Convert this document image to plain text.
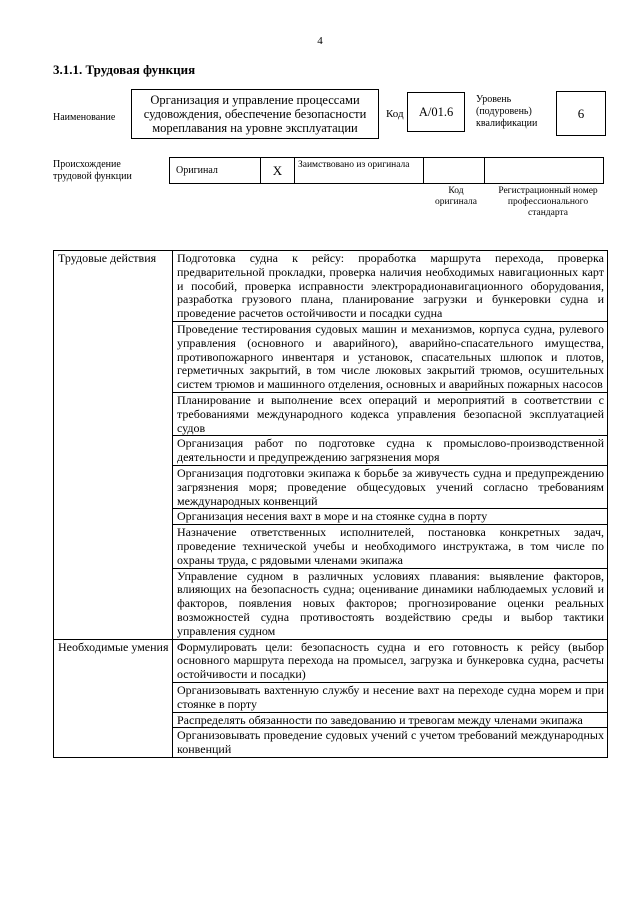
4
3.1.1. Трудовая функция
Наименование
Организация и управление процессами судовождения, обеспечение безопасности мореплавания на уровне эксплуатации
Код A/01.6
Уровень
(подуровень)
квалификации
6
Происхождение
трудовой функции
Оригинал	X	Заимствовано из оригинала
Код
оригинала
Регистрационный номер профессионального стандарта
Трудовые действия	Подготовка судна к рейсу: проработка маршрута перехода, проверка предварительной прокладки, проверка наличия необходимых навигационных карт и пособий, проверка исправности электрорадионавигационного оборудования, разработка грузового плана, планирование загрузки и бункеровки судна и проведение расчетов остойчивости и посадки судна
	Проведение тестирования судовых машин и механизмов, корпуса судна, рулевого управления (основного и аварийного), аварийно-спасательного имущества, противопожарного инвентаря и установок, спасательных шлюпок и плотов, герметичных закрытий, в том числе люковых закрытий трюмов, осушительных систем трюмов и машинного отделения, основных и аварийных пожарных насосов
	Планирование и выполнение всех операций и мероприятий в соответствии с требованиями международного кодекса управления безопасной эксплуатацией судов
	Организация работ по подготовке судна к промыслово-производственной деятельности и предупреждению загрязнения моря
	Организация подготовки экипажа к борьбе за живучесть судна и предупреждению загрязнения моря; проведение общесудовых учений согласно требованиям международных конвенций
	Организация несения вахт в море и на стоянке судна в порту
	Назначение ответственных исполнителей, постановка конкретных задач, проведение технической учебы и необходимого инструктажа, в том числе по охраны труда, с рядовыми членами экипажа
	Управление судном в различных условиях плавания: выявление факторов, влияющих на безопасность судна; оценивание динамики наблюдаемых условий и факторов, появления новых факторов; прогнозирование оценки реальных возможностей судна противостоять воздействию среды и выбор тактики управления судном
Необходимые умения	Формулировать цели: безопасность судна и его готовность к рейсу (выбор основного маршрута перехода на промысел, загрузка и бункеровка судна, расчеты остойчивости и посадки)
	Организовывать вахтенную службу и несение вахт на переходе судна морем и при стоянке в порту
	Распределять обязанности по заведованию и тревогам между членами экипажа
	Организовывать проведение судовых учений с учетом требований международных конвенций
